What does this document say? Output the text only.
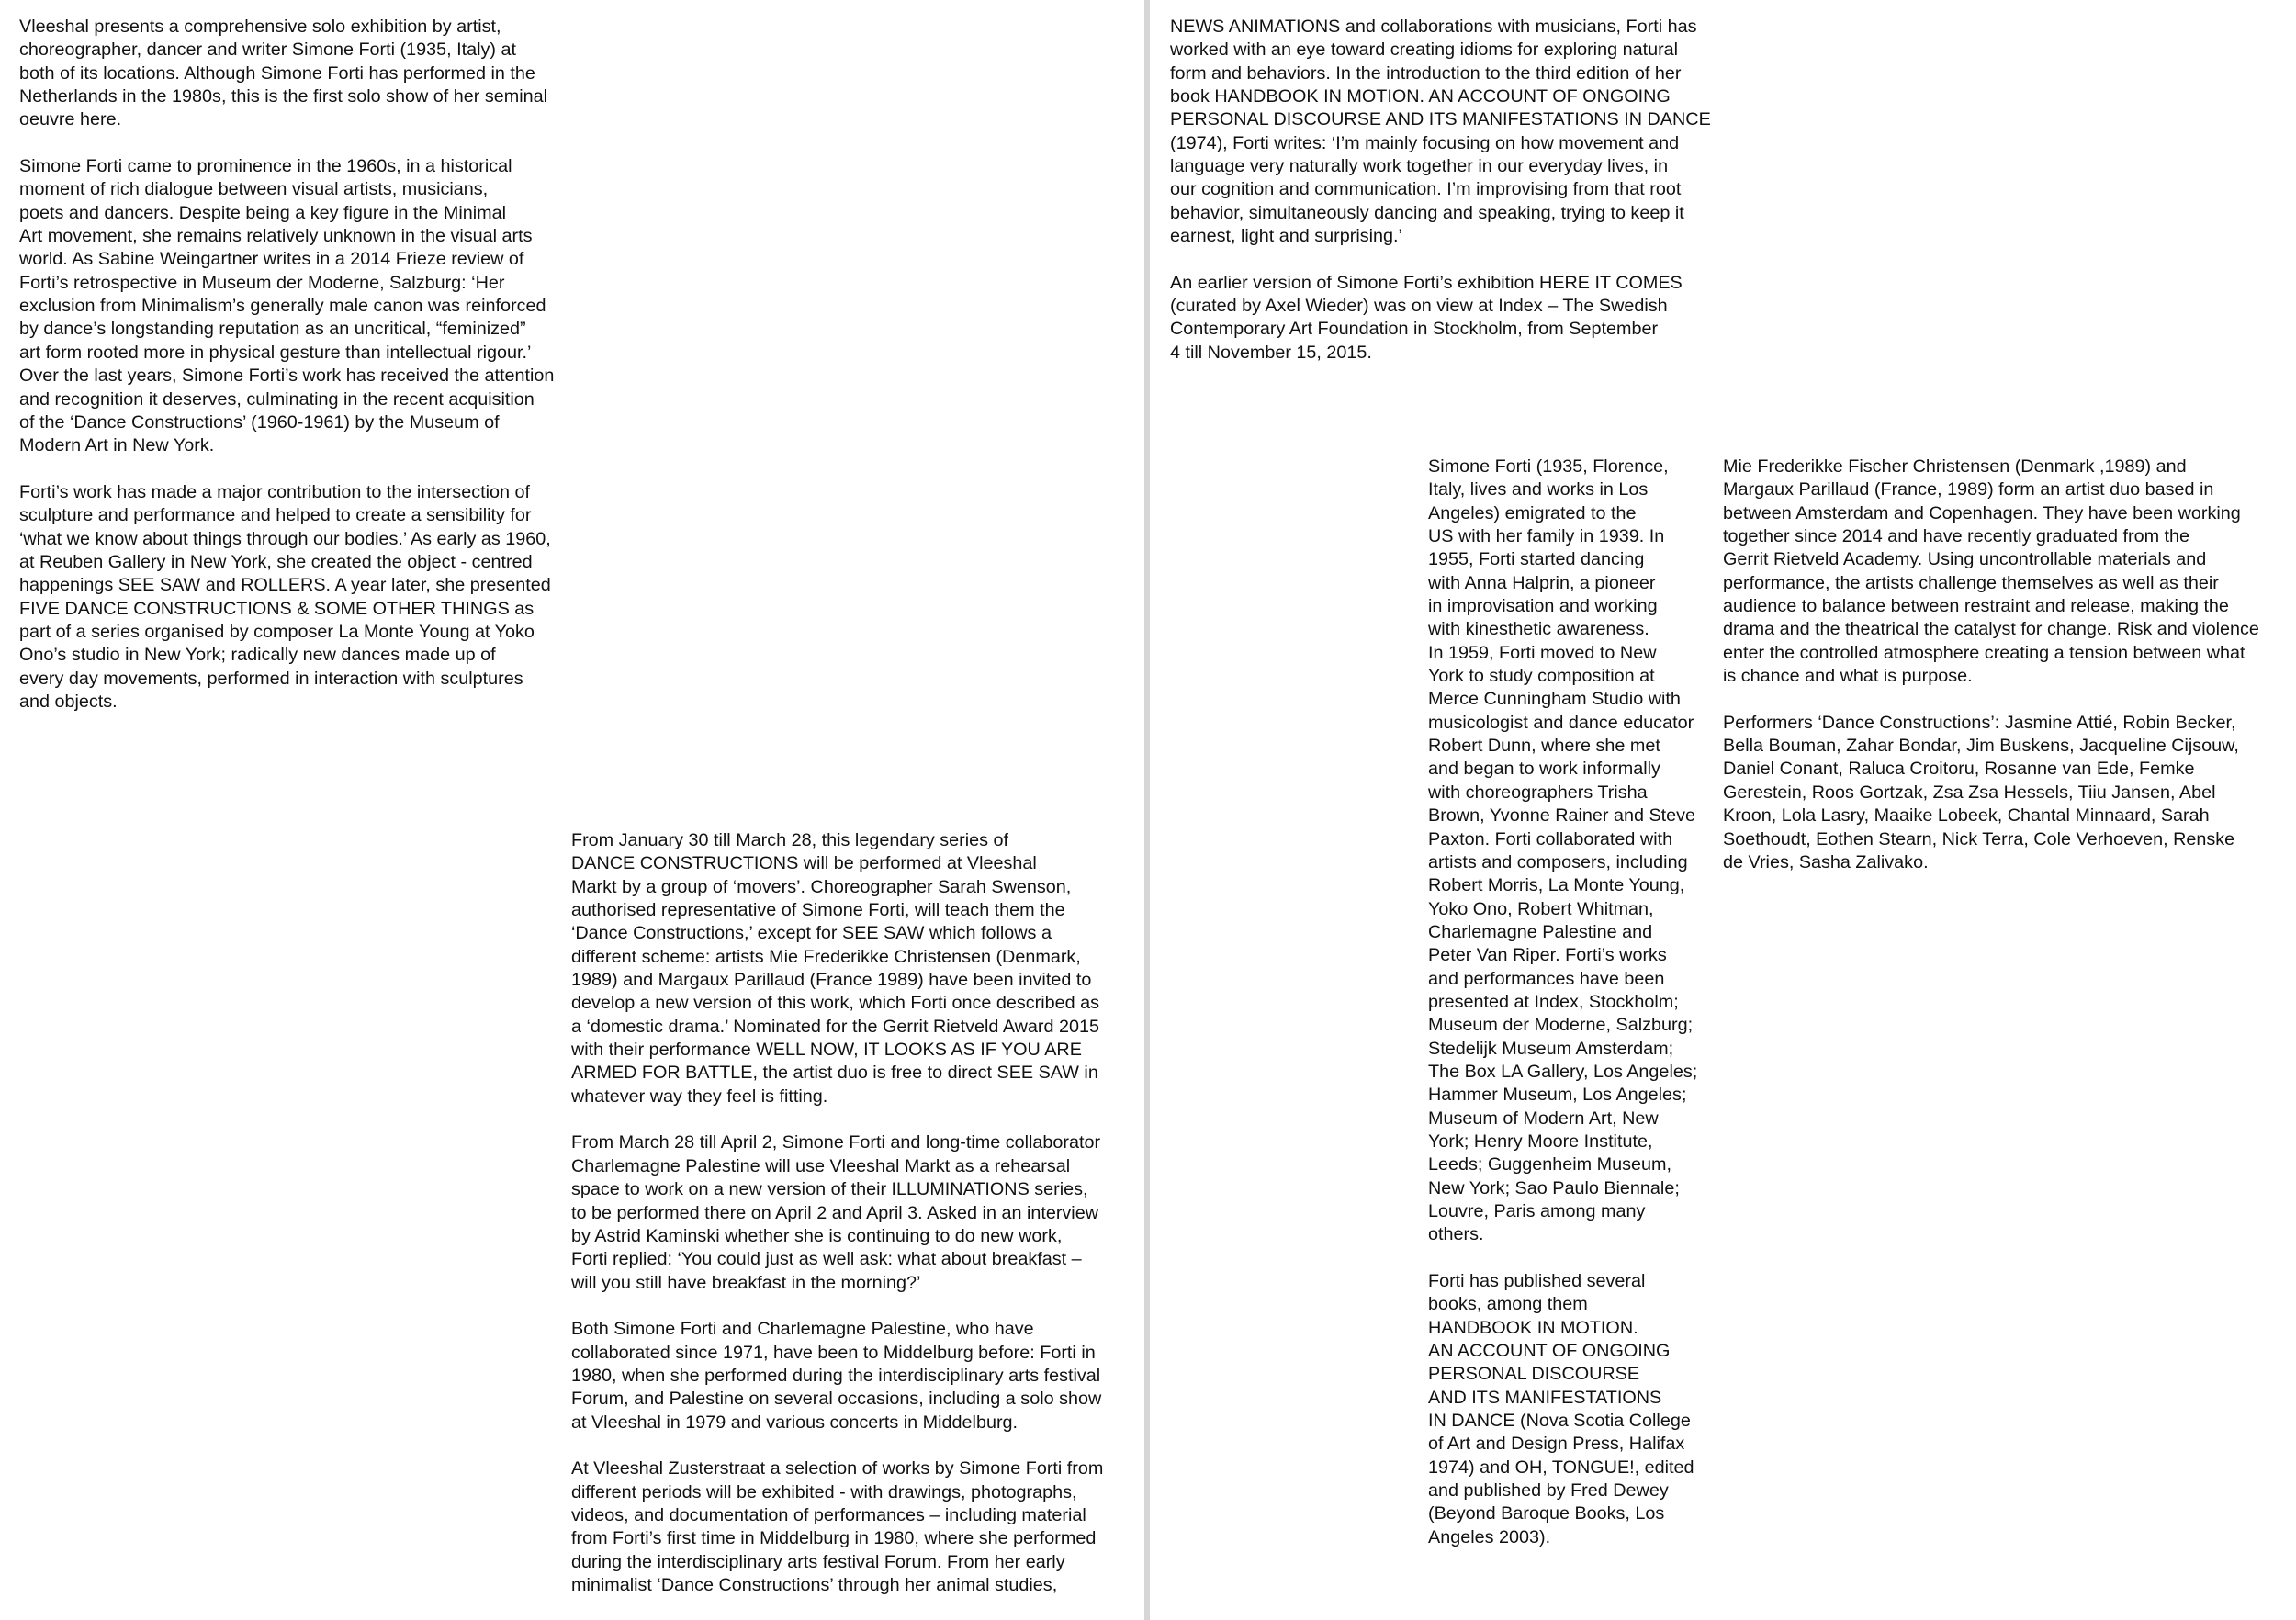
Vleeshal presents a comprehensive solo exhibition by artist,
choreographer, dancer and writer Simone Forti (1935, Italy) at
both of its locations. Although Simone Forti has performed in the
Netherlands in the 1980s, this is the first solo show of her seminal
oeuvre here.

Simone Forti came to prominence in the 1960s, in a historical
moment of rich dialogue between visual artists, musicians,
poets and dancers. Despite being a key figure in the Minimal
Art movement, she remains relatively unknown in the visual arts
world. As Sabine Weingartner writes in a 2014 Frieze review of
Forti’s retrospective in Museum der Moderne, Salzburg: ‘Her
exclusion from Minimalism’s generally male canon was reinforced
by dance’s longstanding reputation as an uncritical, “feminized”
art form rooted more in physical gesture than intellectual rigour.’
Over the last years, Simone Forti’s work has received the attention
and recognition it deserves, culminating in the recent acquisition
of the ‘Dance Constructions’ (1960-1961) by the Museum of
Modern Art in New York.

Forti’s work has made a major contribution to the intersection of
sculpture and performance and helped to create a sensibility for
‘what we know about things through our bodies.’ As early as 1960,
at Reuben Gallery in New York, she created the object - centred
happenings SEE SAW and ROLLERS. A year later, she presented
FIVE DANCE CONSTRUCTIONS & SOME OTHER THINGS as
part of a series organised by composer La Monte Young at Yoko
Ono’s studio in New York; radically new dances made up of
every day movements, performed in interaction with sculptures
and objects.

From January 30 till March 28, this legendary series of
DANCE CONSTRUCTIONS will be performed at Vleeshal
Markt by a group of ‘movers’. Choreographer Sarah Swenson,
authorised representative of Simone Forti, will teach them the
‘Dance Constructions,’ except for SEE SAW which follows a
different scheme: artists Mie Frederikke Christensen (Denmark,
1989) and Margaux Parillaud (France 1989) have been invited to
develop a new version of this work, which Forti once described as
a ‘domestic drama.’ Nominated for the Gerrit Rietveld Award 2015
with their performance WELL NOW, IT LOOKS AS IF YOU ARE
ARMED FOR BATTLE, the artist duo is free to direct SEE SAW in
whatever way they feel is fitting.

From March 28 till April 2, Simone Forti and long-time collaborator
Charlemagne Palestine will use Vleeshal Markt as a rehearsal
space to work on a new version of their ILLUMINATIONS series,
to be performed there on April 2 and April 3. Asked in an interview
by Astrid Kaminski whether she is continuing to do new work,
Forti replied: ‘You could just as well ask: what about breakfast –
will you still have breakfast in the morning?’

Both Simone Forti and Charlemagne Palestine, who have
collaborated since 1971, have been to Middelburg before: Forti in
1980, when she performed during the interdisciplinary arts festival
Forum, and Palestine on several occasions, including a solo show
at Vleeshal in 1979 and various concerts in Middelburg.

At Vleeshal Zusterstraat a selection of works by Simone Forti from
different periods will be exhibited - with drawings, photographs,
videos, and documentation of performances – including material
from Forti’s first time in Middelburg in 1980, where she performed
during the interdisciplinary arts festival Forum. From her early
minimalist ‘Dance Constructions’ through her animal studies,

NEWS ANIMATIONS and collaborations with musicians, Forti has
worked with an eye toward creating idioms for exploring natural
form and behaviors. In the introduction to the third edition of her
book HANDBOOK IN MOTION. AN ACCOUNT OF ONGOING
PERSONAL DISCOURSE AND ITS MANIFESTATIONS IN DANCE
(1974), Forti writes: ‘I’m mainly focusing on how movement and
language very naturally work together in our everyday lives, in
our cognition and communication. I’m improvising from that root
behavior, simultaneously dancing and speaking, trying to keep it
earnest, light and surprising.’

An earlier version of Simone Forti’s exhibition HERE IT COMES
(curated by Axel Wieder) was on view at Index – The Swedish
Contemporary Art Foundation in Stockholm, from September
4 till November 15, 2015.

Simone Forti (1935, Florence,
Italy, lives and works in Los
Angeles) emigrated to the
US with her family in 1939. In
1955, Forti started dancing
with Anna Halprin, a pioneer
in improvisation and working
with kinesthetic awareness.
In 1959, Forti moved to New
York to study composition at
Merce Cunningham Studio with
musicologist and dance educator
Robert Dunn, where she met
and began to work informally
with choreographers Trisha
Brown, Yvonne Rainer and Steve
Paxton. Forti collaborated with
artists and composers, including
Robert Morris, La Monte Young,
Yoko Ono, Robert Whitman,
Charlemagne Palestine and
Peter Van Riper. Forti’s works
and performances have been
presented at Index, Stockholm;
Museum der Moderne, Salzburg;
Stedelijk Museum Amsterdam;
The Box LA Gallery, Los Angeles;
Hammer Museum, Los Angeles;
Museum of Modern Art, New
York; Henry Moore Institute,
Leeds; Guggenheim Museum,
New York; Sao Paulo Biennale;
Louvre, Paris among many
others.

Forti has published several
books, among them
HANDBOOK IN MOTION.
AN ACCOUNT OF ONGOING
PERSONAL DISCOURSE
AND ITS MANIFESTATIONS
IN DANCE (Nova Scotia College
of Art and Design Press, Halifax
1974) and OH, TONGUE!, edited
and published by Fred Dewey
(Beyond Baroque Books, Los
Angeles 2003).

Mie Frederikke Fischer Christensen (Denmark ,1989) and
Margaux Parillaud (France, 1989) form an artist duo based in
between Amsterdam and Copenhagen. They have been working
together since 2014 and have recently graduated from the
Gerrit Rietveld Academy. Using uncontrollable materials and
performance, the artists challenge themselves as well as their
audience to balance between restraint and release, making the
drama and the theatrical the catalyst for change. Risk and violence
enter the controlled atmosphere creating a tension between what
is chance and what is purpose.

Performers ‘Dance Constructions’: Jasmine Attié, Robin Becker,
Bella Bouman, Zahar Bondar, Jim Buskens, Jacqueline Cijsouw,
Daniel Conant, Raluca Croitoru, Rosanne van Ede, Femke
Gerestein, Roos Gortzak, Zsa Zsa Hessels, Tiiu Jansen, Abel
Kroon, Lola Lasry, Maaike Lobeek, Chantal Minnaard, Sarah
Soethoudt, Eothen Stearn, Nick Terra, Cole Verhoeven, Renske
de Vries, Sasha Zalivako.
